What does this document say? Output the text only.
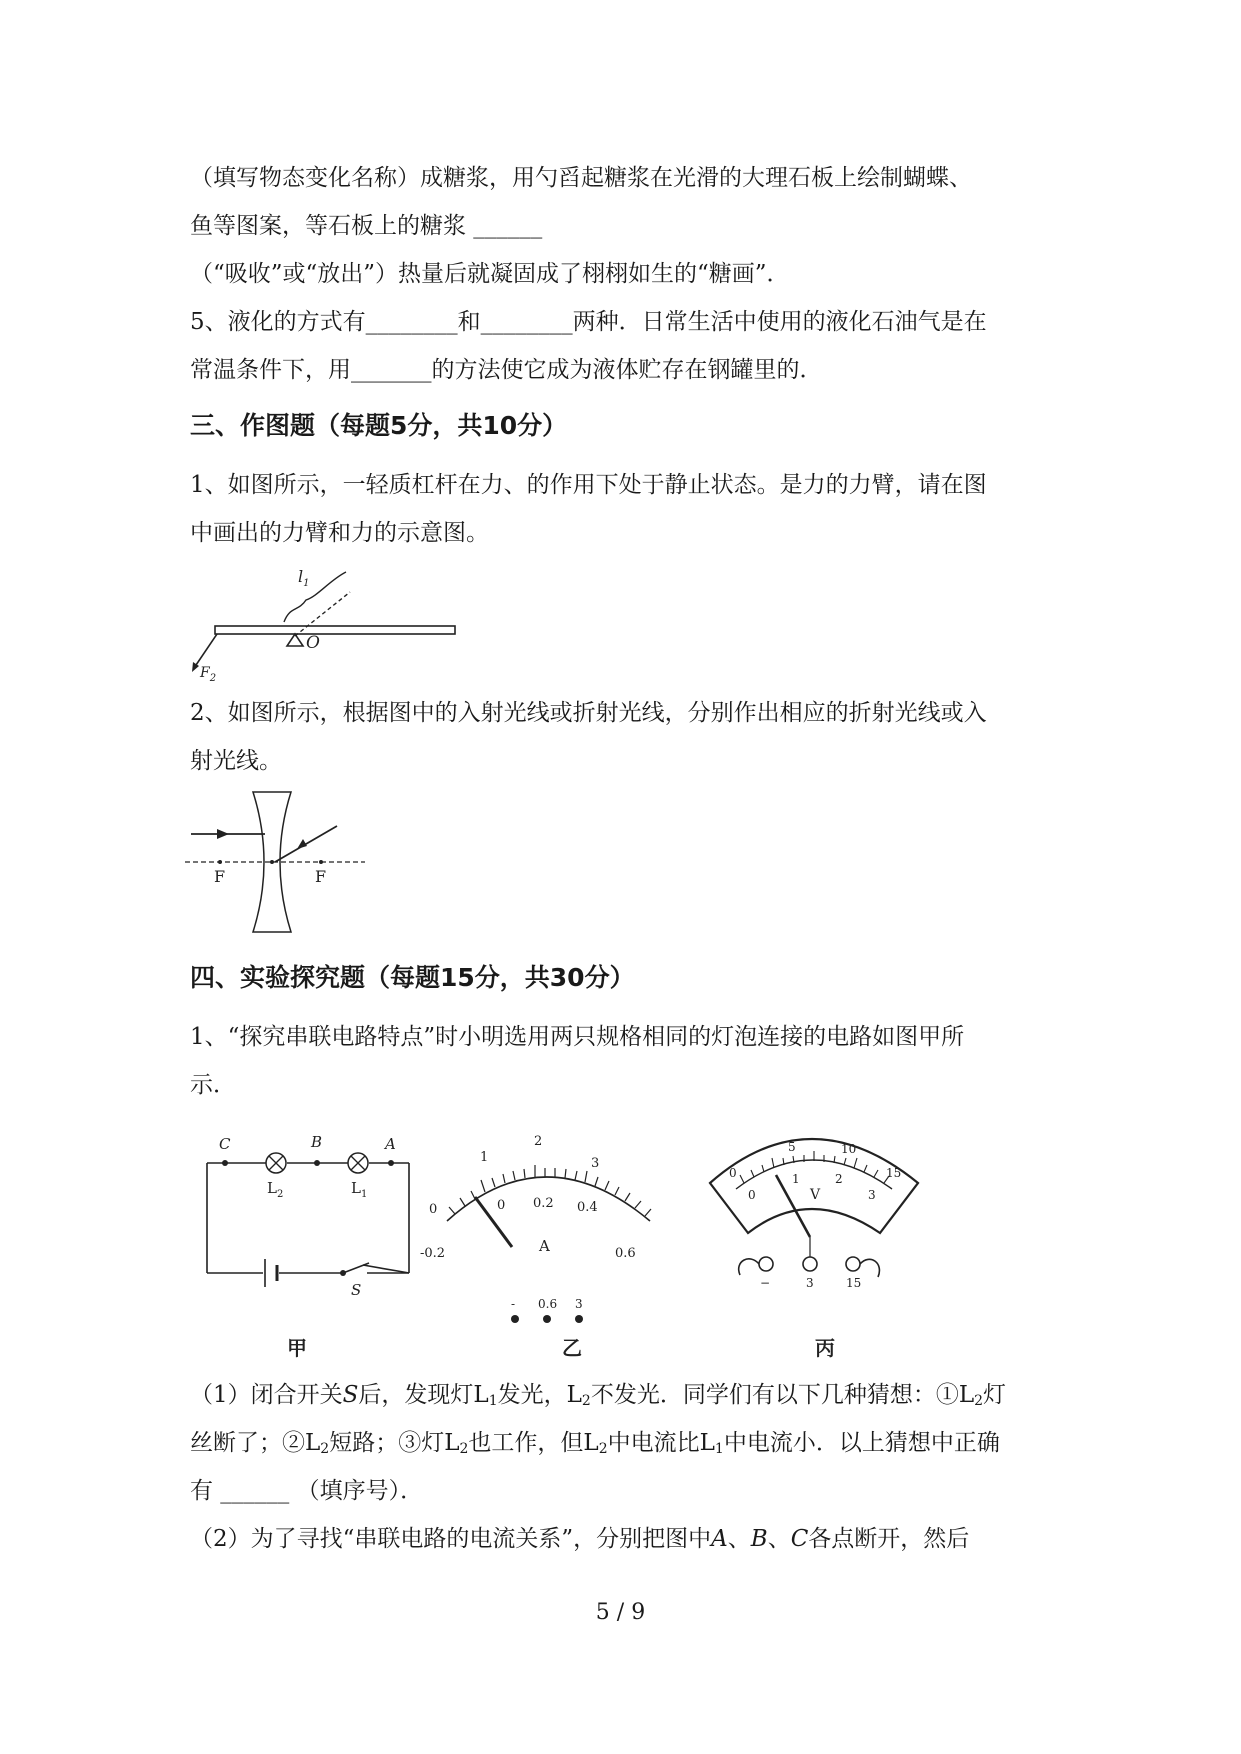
（填写物态变化名称）成糖浆，用勺舀起糖浆在光滑的大理石板上绘制蝴蝶、
鱼等图案，等石板上的糖浆 ______
（“吸收”或“放出”）热量后就凝固成了栩栩如生的“糖画”．
5、液化的方式有________和________两种．日常生活中使用的液化石油气是在
常温条件下，用_______的方法使它成为液体贮存在钢罐里的．
三、作图题（每题5分，共10分）
1、如图所示，一轻质杠杆在力、的作用下处于静止状态。是力的力臂，请在图
中画出的力臂和力的示意图。
$l_1$
O
$F_2$
2、如图所示，根据图中的入射光线或折射光线，分别作出相应的折射光线或入
射光线。
F	F
四、实验探究题（每题15分，共30分）
1、“探究串联电路特点”时小明选用两只规格相同的灯泡连接的电路如图甲所
示．
C	B	A
$L_2$	$L_1$
S
甲
0
1
2
3
-0.2
0 0.2 0.4
0.6
A
- 0.6 3
乙
0
5	10
15
0
1	2
3
V
−	3	15
丙
（1）闭合开关S后，发现灯$L_1$发光，$L_2$不发光．同学们有以下几种猜想：$①L_2$灯
丝断了；$②L_2$短路；③灯$L_2$也工作，但$L_2$中电流比$L_1$中电流小．以上猜想中正确
有 ______ （填序号）．
（2）为了寻找“串联电路的电流关系”，分别把图中A、B、C各点断开，然后
5 / 9
